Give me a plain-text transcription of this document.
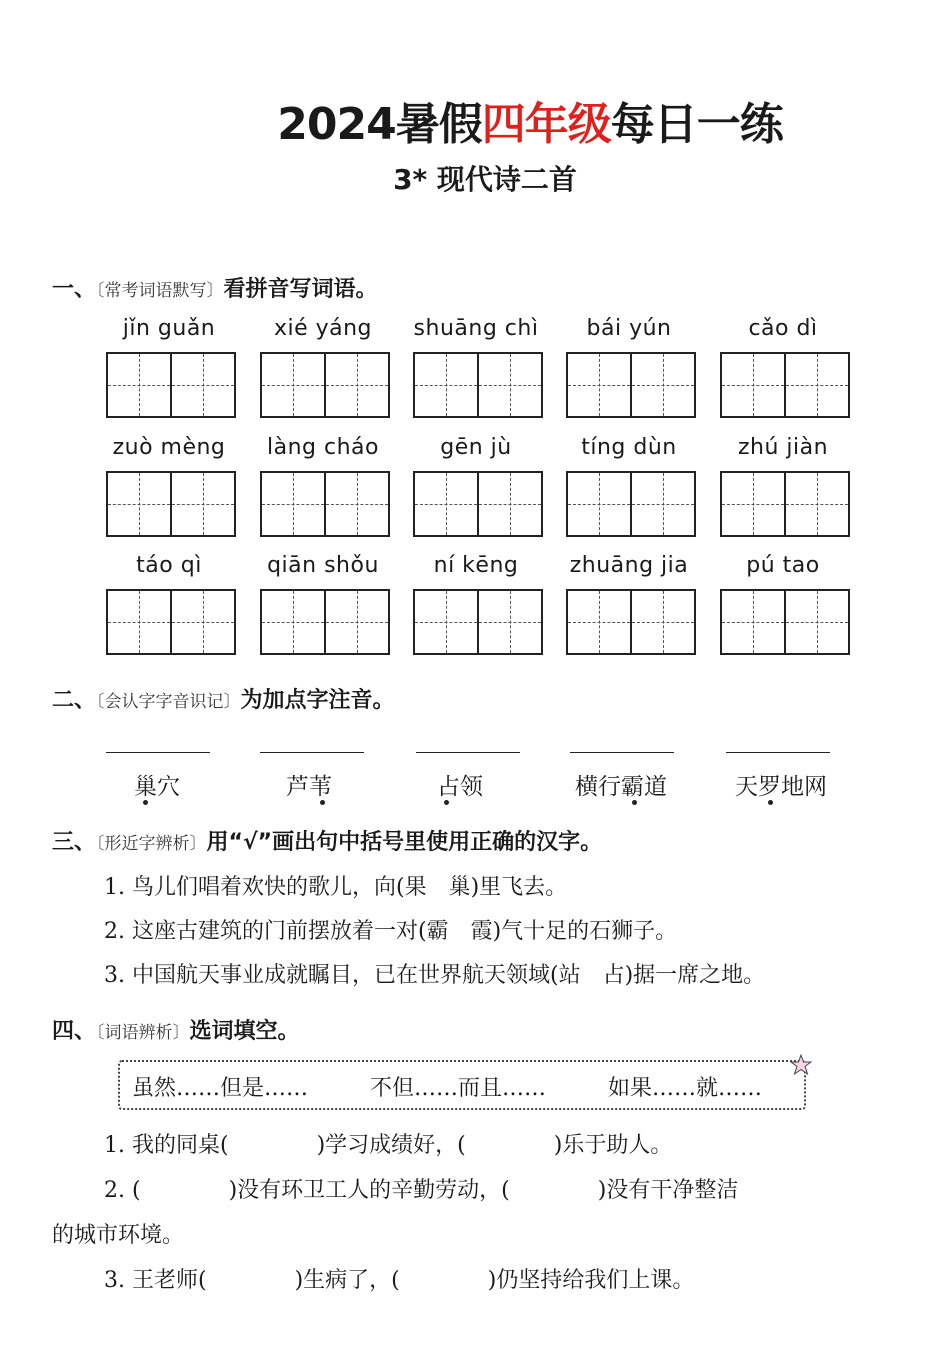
2024暑假四年级每日一练
3* 现代诗二首
一、〔常考词语默写〕看拼音写词语。
jǐn guǎn	xié yáng	shuāng chì	bái yún	cǎo dì
zuò mèng	làng cháo	gēn jù	tíng dùn	zhú jiàn
táo qì	qiān shǒu	ní kēng	zhuāng jia	pú tao
二、〔会认字字音识记〕为加点字注音。
巢穴	芦苇	占领	横行霸道	天罗地网
三、〔形近字辨析〕用“√”画出句中括号里使用正确的汉字。
1. 鸟儿们唱着欢快的歌儿，向(果　巢)里飞去。
2. 这座古建筑的门前摆放着一对(霸　霞)气十足的石狮子。
3. 中国航天事业成就瞩目，已在世界航天领域(站　占)据一席之地。
四、〔词语辨析〕选词填空。
虽然……但是……	不但……而且……	如果……就……
1. 我的同桌(　　　　)学习成绩好，(　　　　)乐于助人。
2. (　　　　)没有环卫工人的辛勤劳动，(　　　　)没有干净整洁
的城市环境。
3. 王老师(　　　　)生病了，(　　　　)仍坚持给我们上课。
